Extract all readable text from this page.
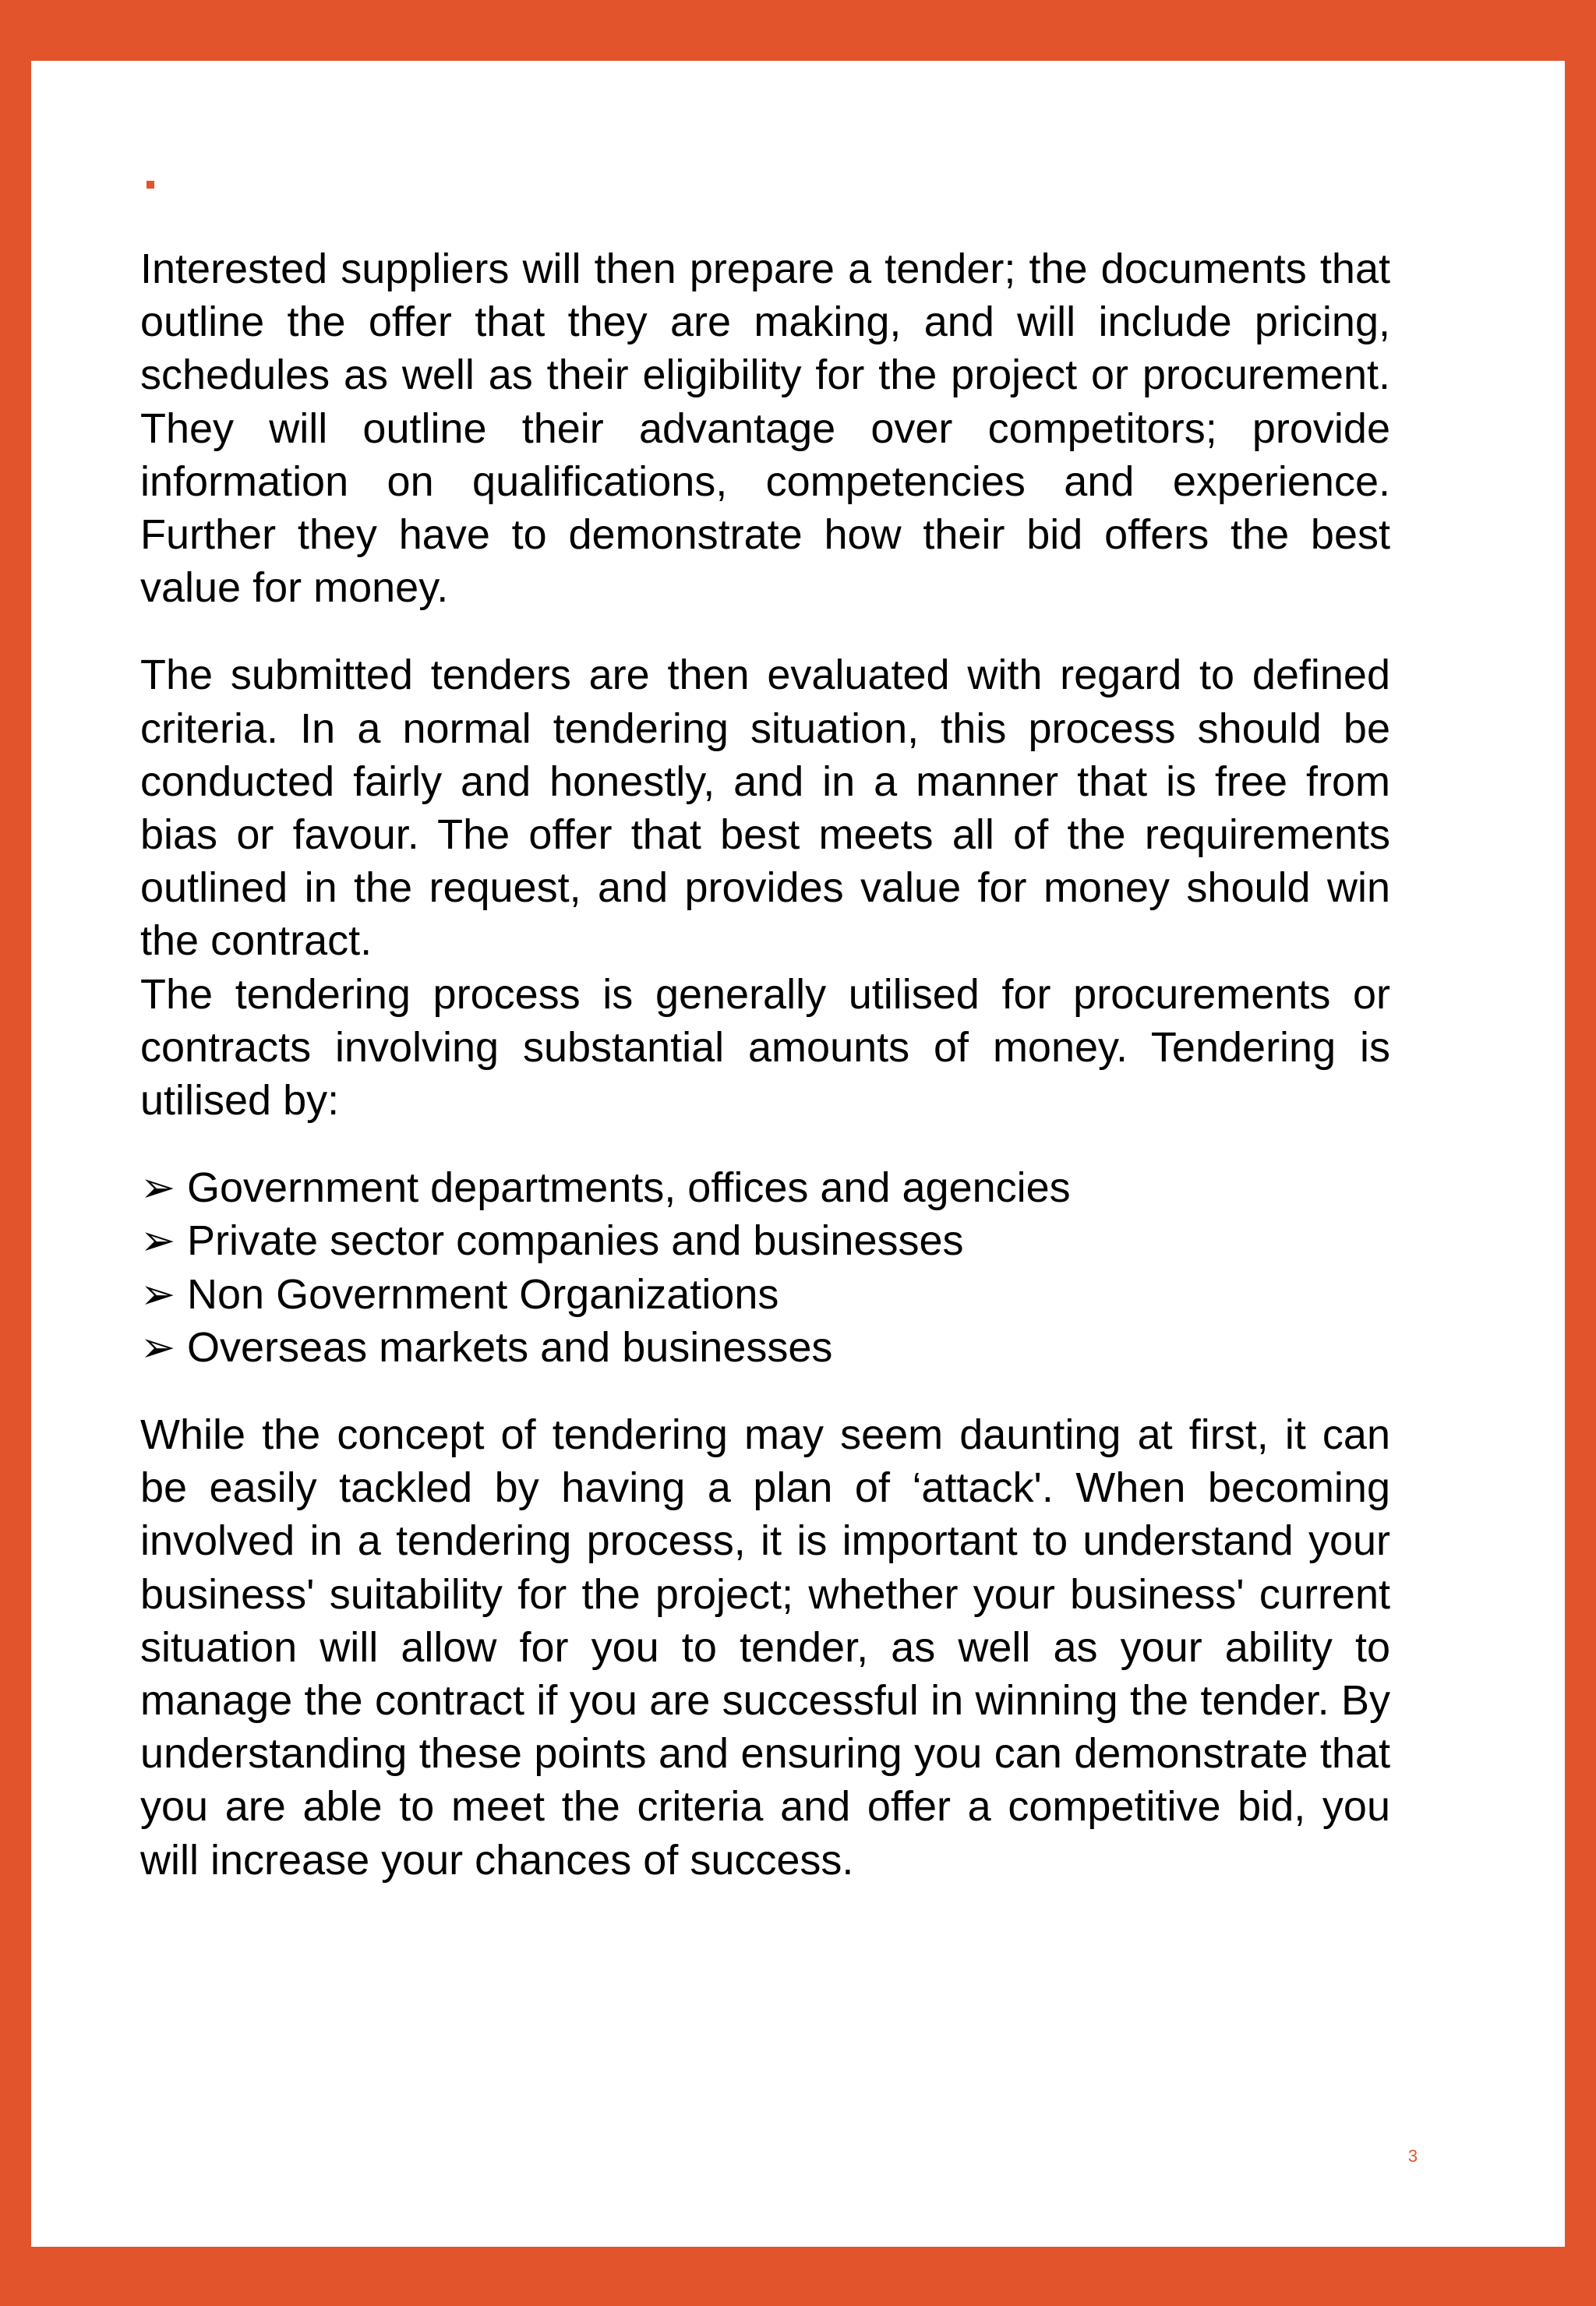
Interested suppliers will then prepare a tender; the documents that outline the offer that they are making, and will include pricing, schedules as well as their eligibility for the project or procurement. They will outline their advantage over competitors; provide information on qualifications, competencies and experience. Further they have to demonstrate how their bid offers the best value for money.

The submitted tenders are then evaluated with regard to defined criteria. In a normal tendering situation, this process should be conducted fairly and honestly, and in a manner that is free from bias or favour. The offer that best meets all of the requirements outlined in the request, and provides value for money should win the contract.

The tendering process is generally utilised for procurements or contracts involving substantial amounts of money. Tendering is utilised by:

➢ Government departments, offices and agencies
➢ Private sector companies and businesses
➢ Non Government Organizations
➢ Overseas markets and businesses

While the concept of tendering may seem daunting at first, it can be easily tackled by having a plan of ‘attack'. When becoming involved in a tendering process, it is important to understand your business' suitability for the project; whether your business' current situation will allow for you to tender, as well as your ability to manage the contract if you are successful in winning the tender. By understanding these points and ensuring you can demonstrate that you are able to meet the criteria and offer a competitive bid, you will increase your chances of success.

3
